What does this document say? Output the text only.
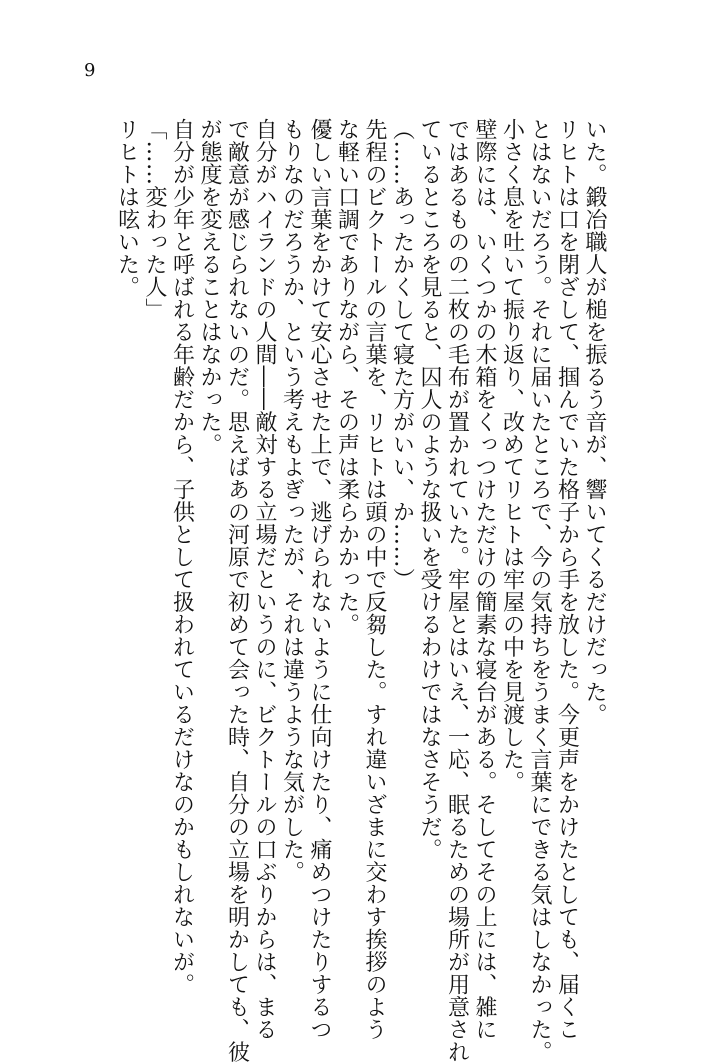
9
いた。鍛冶職人が槌を振るう音が、響いてくるだけだった。
リヒトは口を閉ざして、掴んでいた格子から手を放した。今更声をかけたとしても、届くこ
とはないだろう。それに届いたところで、今の気持ちをうまく言葉にできる気はしなかった。
小さく息を吐いて振り返り、改めてリヒトは牢屋の中を見渡した。
壁際には、いくつかの木箱をくっつけただけの簡素な寝台がある。そしてその上には、雑に
ではあるものの二枚の毛布が置かれていた。牢屋とはいえ、一応、眠るための場所が用意され
ているところを見ると、囚人のような扱いを受けるわけではなさそうだ。
（……あったかくして寝た方がいい、か……）
先程のビクトールの言葉を、リヒトは頭の中で反芻した。すれ違いざまに交わす挨拶のよう
な軽い口調でありながら、その声は柔らかかった。
優しい言葉をかけて安心させた上で、逃げられないように仕向けたり、痛めつけたりするつ
もりなのだろうか、という考えもよぎったが、それは違うような気がした。
自分がハイランドの人間――敵対する立場だというのに、ビクトールの口ぶりからは、まる
で敵意が感じられないのだ。思えばあの河原で初めて会った時、自分の立場を明かしても、彼
が態度を変えることはなかった。
自分が少年と呼ばれる年齢だから、子供として扱われているだけなのかもしれないが。
「……変わった人」
リヒトは呟いた。
